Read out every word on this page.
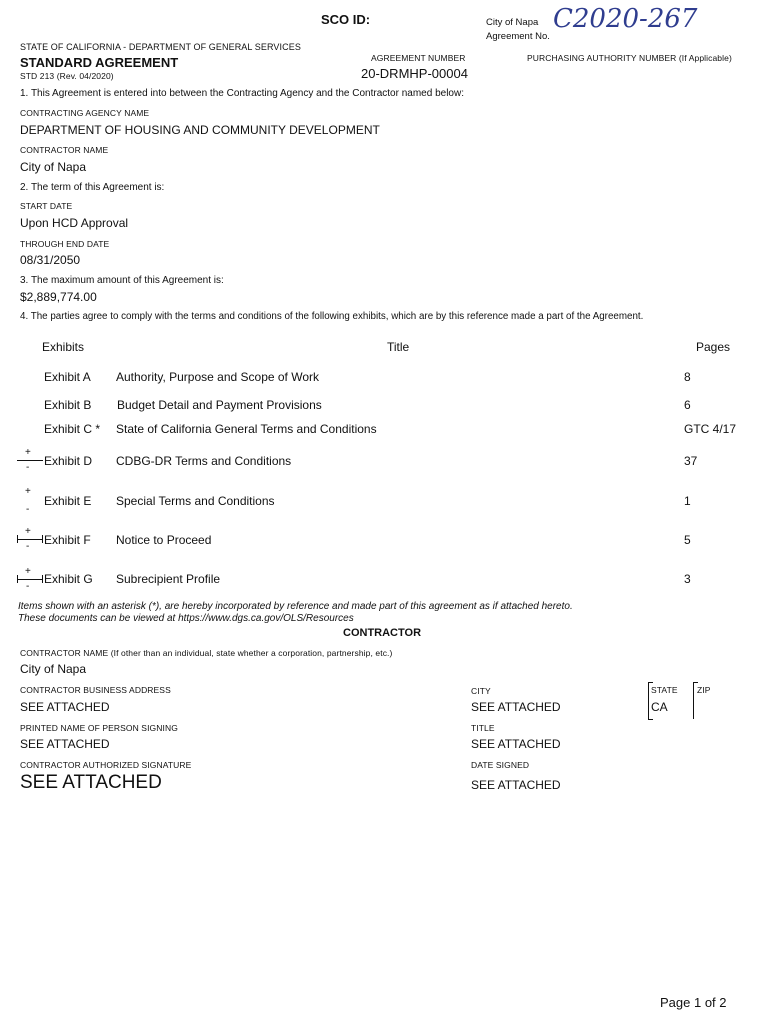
SCO ID:	City of Napa
Agreement No.
C2020-267
STATE OF CALIFORNIA - DEPARTMENT OF GENERAL SERVICES
STANDARD AGREEMENT
STD 213 (Rev. 04/2020)
AGREEMENT NUMBER
20-DRMHP-00004
PURCHASING AUTHORITY NUMBER (If Applicable)
1. This Agreement is entered into between the Contracting Agency and the Contractor named below:
CONTRACTING AGENCY NAME
DEPARTMENT OF HOUSING AND COMMUNITY DEVELOPMENT
CONTRACTOR NAME
City of Napa
2. The term of this Agreement is:
START DATE
Upon HCD Approval
THROUGH END DATE
08/31/2050
3. The maximum amount of this Agreement is:
$2,889,774.00
4. The parties agree to comply with the terms and conditions of the following exhibits, which are by this reference made a part of the Agreement.
Exhibits	Title	Pages
Exhibit A Authority, Purpose and Scope of Work	8
Exhibit B Budget Detail and Payment Provisions	6
Exhibit C * State of California General Terms and Conditions	GTC 4/17
+
- Exhibit D CDBG-DR Terms and Conditions	37
+
-
Exhibit E Special Terms and Conditions	1
+
- Exhibit F Notice to Proceed	5
+
-
Exhibit G Subrecipient Profile	3
Items shown with an asterisk (*), are hereby incorporated by reference and made part of this agreement as if attached hereto.
These documents can be viewed at https://www.dgs.ca.gov/OLS/Resources
CONTRACTOR
CONTRACTOR NAME (If other than an individual, state whether a corporation, partnership, etc.)
City of Napa
CONTRACTOR BUSINESS ADDRESS
SEE ATTACHED
CITY
SEE ATTACHED
STATE
CA
ZIP
PRINTED NAME OF PERSON SIGNING
SEE ATTACHED
TITLE
SEE ATTACHED
CONTRACTOR AUTHORIZED SIGNATURE
SEE ATTACHED
DATE SIGNED
SEE ATTACHED
Page 1 of 2
